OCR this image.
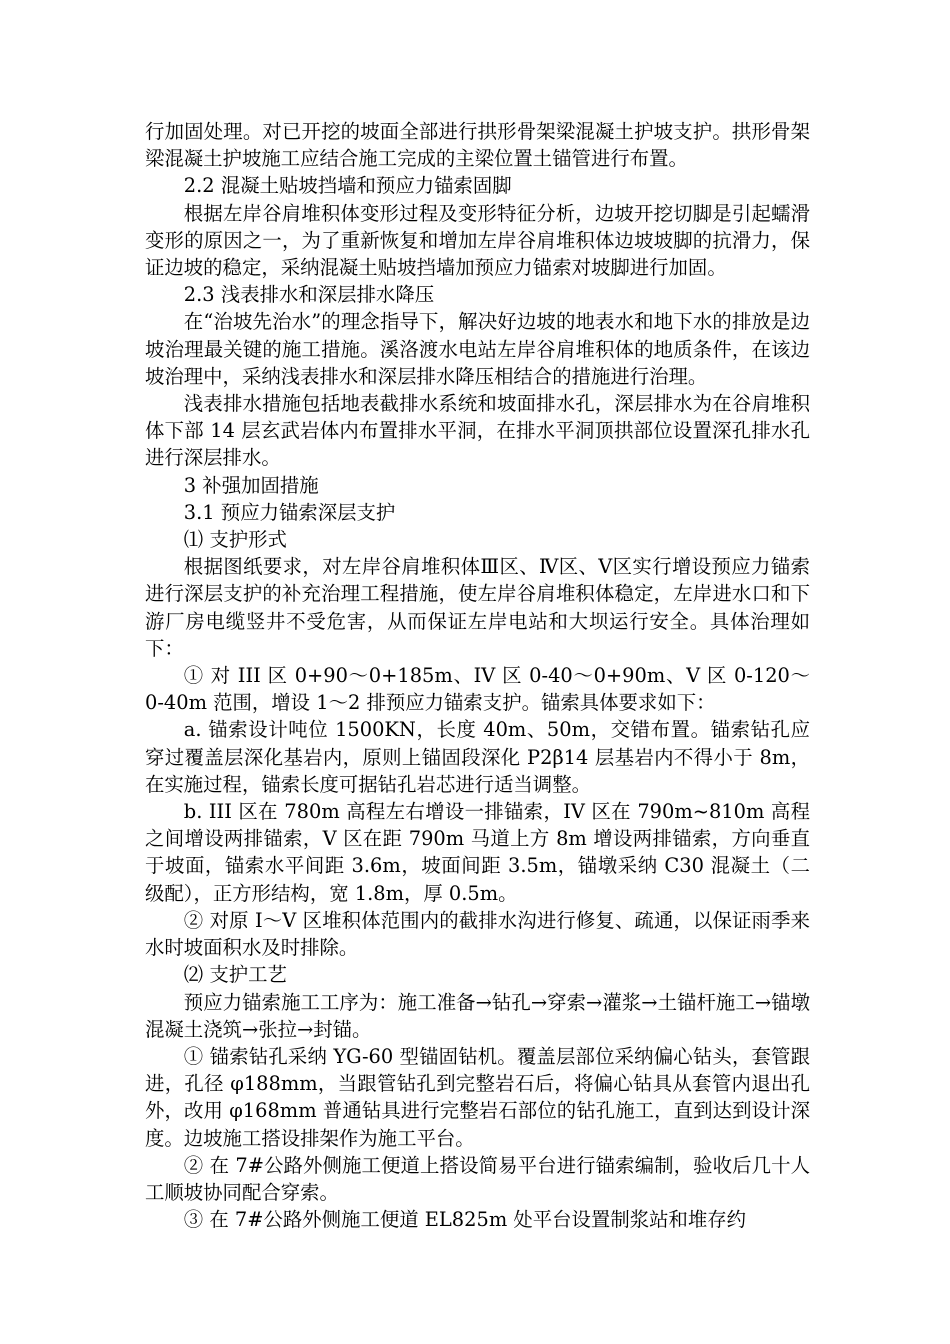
行加固处理。对已开挖的坡面全部进行拱形骨架梁混凝土护坡支护。拱形骨架梁混凝土护坡施工应结合施工完成的主梁位置土锚管进行布置。

2.2 混凝土贴坡挡墙和预应力锚索固脚

根据左岸谷肩堆积体变形过程及变形特征分析，边坡开挖切脚是引起蠕滑变形的原因之一，为了重新恢复和增加左岸谷肩堆积体边坡坡脚的抗滑力，保证边坡的稳定，采纳混凝土贴坡挡墙加预应力锚索对坡脚进行加固。

2.3 浅表排水和深层排水降压

在“治坡先治水”的理念指导下，解决好边坡的地表水和地下水的排放是边坡治理最关键的施工措施。溪洛渡水电站左岸谷肩堆积体的地质条件，在该边坡治理中，采纳浅表排水和深层排水降压相结合的措施进行治理。

浅表排水措施包括地表截排水系统和坡面排水孔，深层排水为在谷肩堆积体下部 14 层玄武岩体内布置排水平洞，在排水平洞顶拱部位设置深孔排水孔进行深层排水。

3 补强加固措施

3.1 预应力锚索深层支护

⑴ 支护形式

根据图纸要求，对左岸谷肩堆积体Ⅲ区、Ⅳ区、Ⅴ区实行增设预应力锚索进行深层支护的补充治理工程措施，使左岸谷肩堆积体稳定，左岸进水口和下游厂房电缆竖井不受危害，从而保证左岸电站和大坝运行安全。具体治理如下：

① 对 III 区 0+90～0+185m、IV 区 0-40～0+90m、V 区 0-120～0-40m 范围，增设 1～2 排预应力锚索支护。锚索具体要求如下：

a. 锚索设计吨位 1500KN，长度 40m、50m，交错布置。锚索钻孔应穿过覆盖层深化基岩内，原则上锚固段深化 P2β14 层基岩内不得小于 8m，在实施过程，锚索长度可据钻孔岩芯进行适当调整。

b. III 区在 780m 高程左右增设一排锚索，IV 区在 790m~810m 高程之间增设两排锚索，V 区在距 790m 马道上方 8m 增设两排锚索，方向垂直于坡面，锚索水平间距 3.6m，坡面间距 3.5m，锚墩采纳 C30 混凝土（二级配），正方形结构，宽 1.8m，厚 0.5m。

② 对原 I～V 区堆积体范围内的截排水沟进行修复、疏通，以保证雨季来水时坡面积水及时排除。

⑵ 支护工艺

预应力锚索施工工序为：施工准备→钻孔→穿索→灌浆→土锚杆施工→锚墩混凝土浇筑→张拉→封锚。

① 锚索钻孔采纳 YG-60 型锚固钻机。覆盖层部位采纳偏心钻头，套管跟进，孔径 φ188mm，当跟管钻孔到完整岩石后，将偏心钻具从套管内退出孔外，改用 φ168mm 普通钻具进行完整岩石部位的钻孔施工，直到达到设计深度。边坡施工搭设排架作为施工平台。

② 在 7#公路外侧施工便道上搭设简易平台进行锚索编制，验收后几十人工顺坡协同配合穿索。

③ 在 7#公路外侧施工便道 EL825m 处平台设置制浆站和堆存约
